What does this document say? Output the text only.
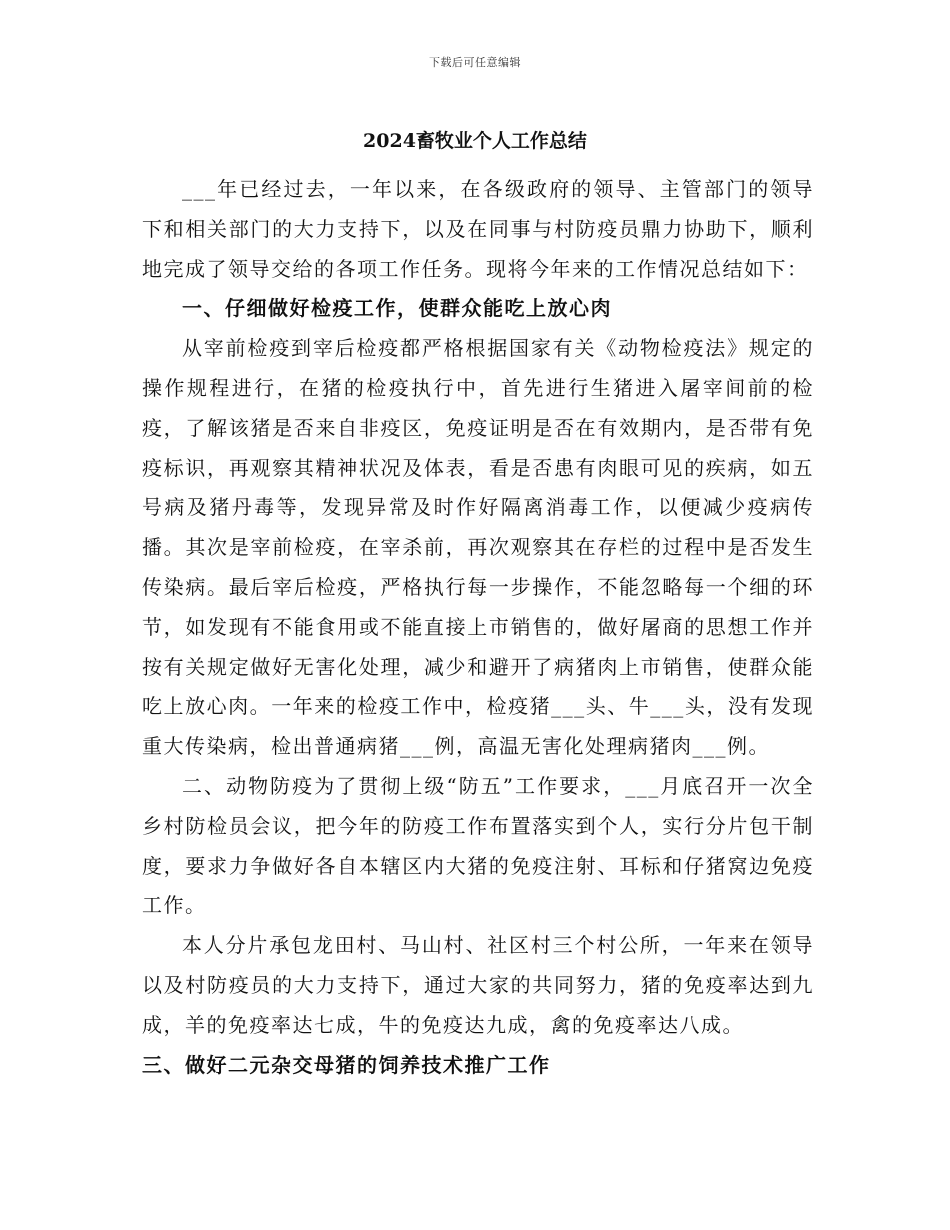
下载后可任意编辑
2024畜牧业个人工作总结

___年已经过去，一年以来，在各级政府的领导、主管部门的领导下和相关部门的大力支持下，以及在同事与村防疫员鼎力协助下，顺利地完成了领导交给的各项工作任务。现将今年来的工作情况总结如下：

一、仔细做好检疫工作，使群众能吃上放心肉

从宰前检疫到宰后检疫都严格根据国家有关《动物检疫法》规定的操作规程进行，在猪的检疫执行中，首先进行生猪进入屠宰间前的检疫，了解该猪是否来自非疫区，免疫证明是否在有效期内，是否带有免疫标识，再观察其精神状况及体表，看是否患有肉眼可见的疾病，如五号病及猪丹毒等，发现异常及时作好隔离消毒工作，以便减少疫病传播。其次是宰前检疫，在宰杀前，再次观察其在存栏的过程中是否发生传染病。最后宰后检疫，严格执行每一步操作，不能忽略每一个细的环节，如发现有不能食用或不能直接上市销售的，做好屠商的思想工作并按有关规定做好无害化处理，减少和避开了病猪肉上市销售，使群众能吃上放心肉。一年来的检疫工作中，检疫猪___头、牛___头，没有发现重大传染病，检出普通病猪___例，高温无害化处理病猪肉___例。

二、动物防疫为了贯彻上级“防五”工作要求，___月底召开一次全乡村防检员会议，把今年的防疫工作布置落实到个人，实行分片包干制度，要求力争做好各自本辖区内大猪的免疫注射、耳标和仔猪窝边免疫工作。

本人分片承包龙田村、马山村、社区村三个村公所，一年来在领导以及村防疫员的大力支持下，通过大家的共同努力，猪的免疫率达到九成，羊的免疫率达七成，牛的免疫达九成，禽的免疫率达八成。

三、做好二元杂交母猪的饲养技术推广工作
